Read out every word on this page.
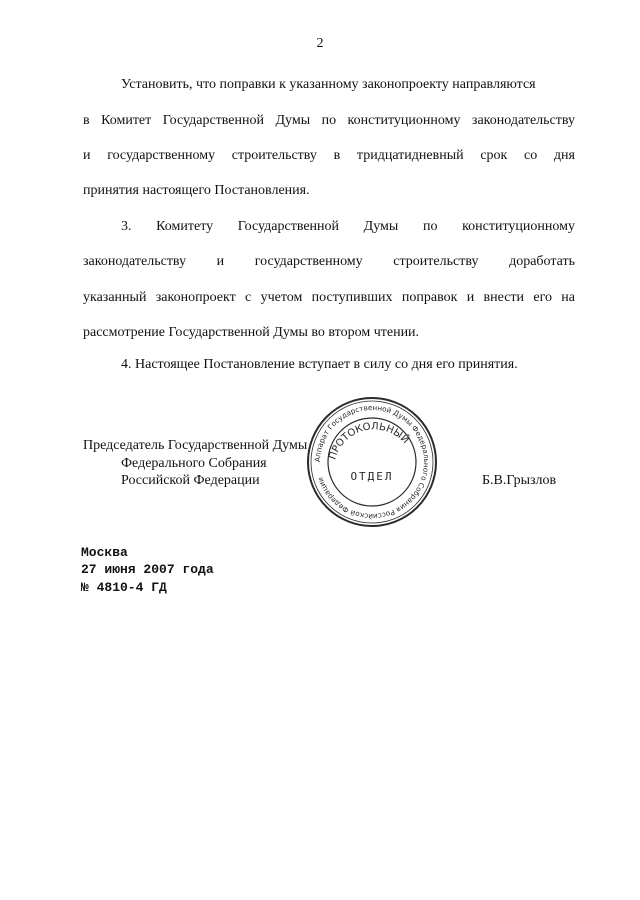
2
Установить, что поправки к указанному законопроекту направляются
в Комитет Государственной Думы по конституционному законодательству
и государственному строительству в тридцатидневный срок со дня
принятия настоящего Постановления.
3. Комитету Государственной Думы по конституционному
законодательству и государственному строительству доработать
указанный законопроект с учетом поступивших поправок и внести его на
рассмотрение Государственной Думы во втором чтении.
4. Настоящее Постановление вступает в силу со дня его принятия.
Председатель Государственной Думы
Федерального Собрания
Российской Федерации	Б.В.Грызлов
Аппарат Государственной Думы Федерального Собрания Российской Федерации
ПРОТОКОЛЬНЫЙ
ОТДЕЛ
Москва
27 июня 2007 года
№ 4810-4 ГД
